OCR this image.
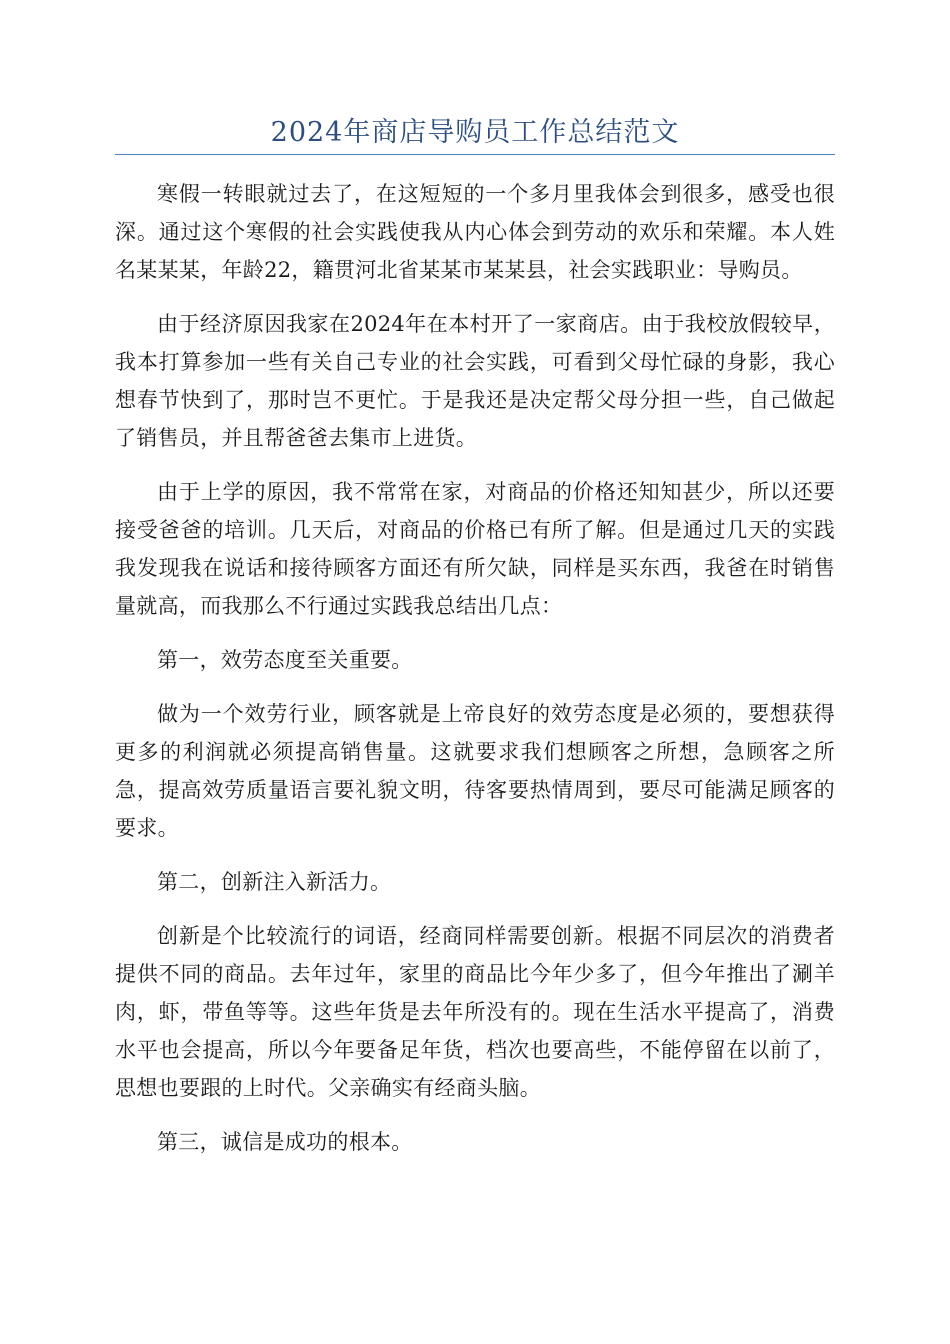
2024年商店导购员工作总结范文

寒假一转眼就过去了，在这短短的一个多月里我体会到很多，感受也很深。通过这个寒假的社会实践使我从内心体会到劳动的欢乐和荣耀。本人姓名某某某，年龄22，籍贯河北省某某市某某县，社会实践职业：导购员。

由于经济原因我家在2024年在本村开了一家商店。由于我校放假较早，我本打算参加一些有关自己专业的社会实践，可看到父母忙碌的身影，我心想春节快到了，那时岂不更忙。于是我还是决定帮父母分担一些，自己做起了销售员，并且帮爸爸去集市上进货。

由于上学的原因，我不常常在家，对商品的价格还知知甚少，所以还要接受爸爸的培训。几天后，对商品的价格已有所了解。但是通过几天的实践我发现我在说话和接待顾客方面还有所欠缺，同样是买东西，我爸在时销售量就高，而我那么不行通过实践我总结出几点：

第一，效劳态度至关重要。

做为一个效劳行业，顾客就是上帝良好的效劳态度是必须的，要想获得更多的利润就必须提高销售量。这就要求我们想顾客之所想，急顾客之所急，提高效劳质量语言要礼貌文明，待客要热情周到，要尽可能满足顾客的要求。

第二，创新注入新活力。

创新是个比较流行的词语，经商同样需要创新。根据不同层次的消费者提供不同的商品。去年过年，家里的商品比今年少多了，但今年推出了涮羊肉，虾，带鱼等等。这些年货是去年所没有的。现在生活水平提高了，消费水平也会提高，所以今年要备足年货，档次也要高些，不能停留在以前了，思想也要跟的上时代。父亲确实有经商头脑。

第三，诚信是成功的根本。
